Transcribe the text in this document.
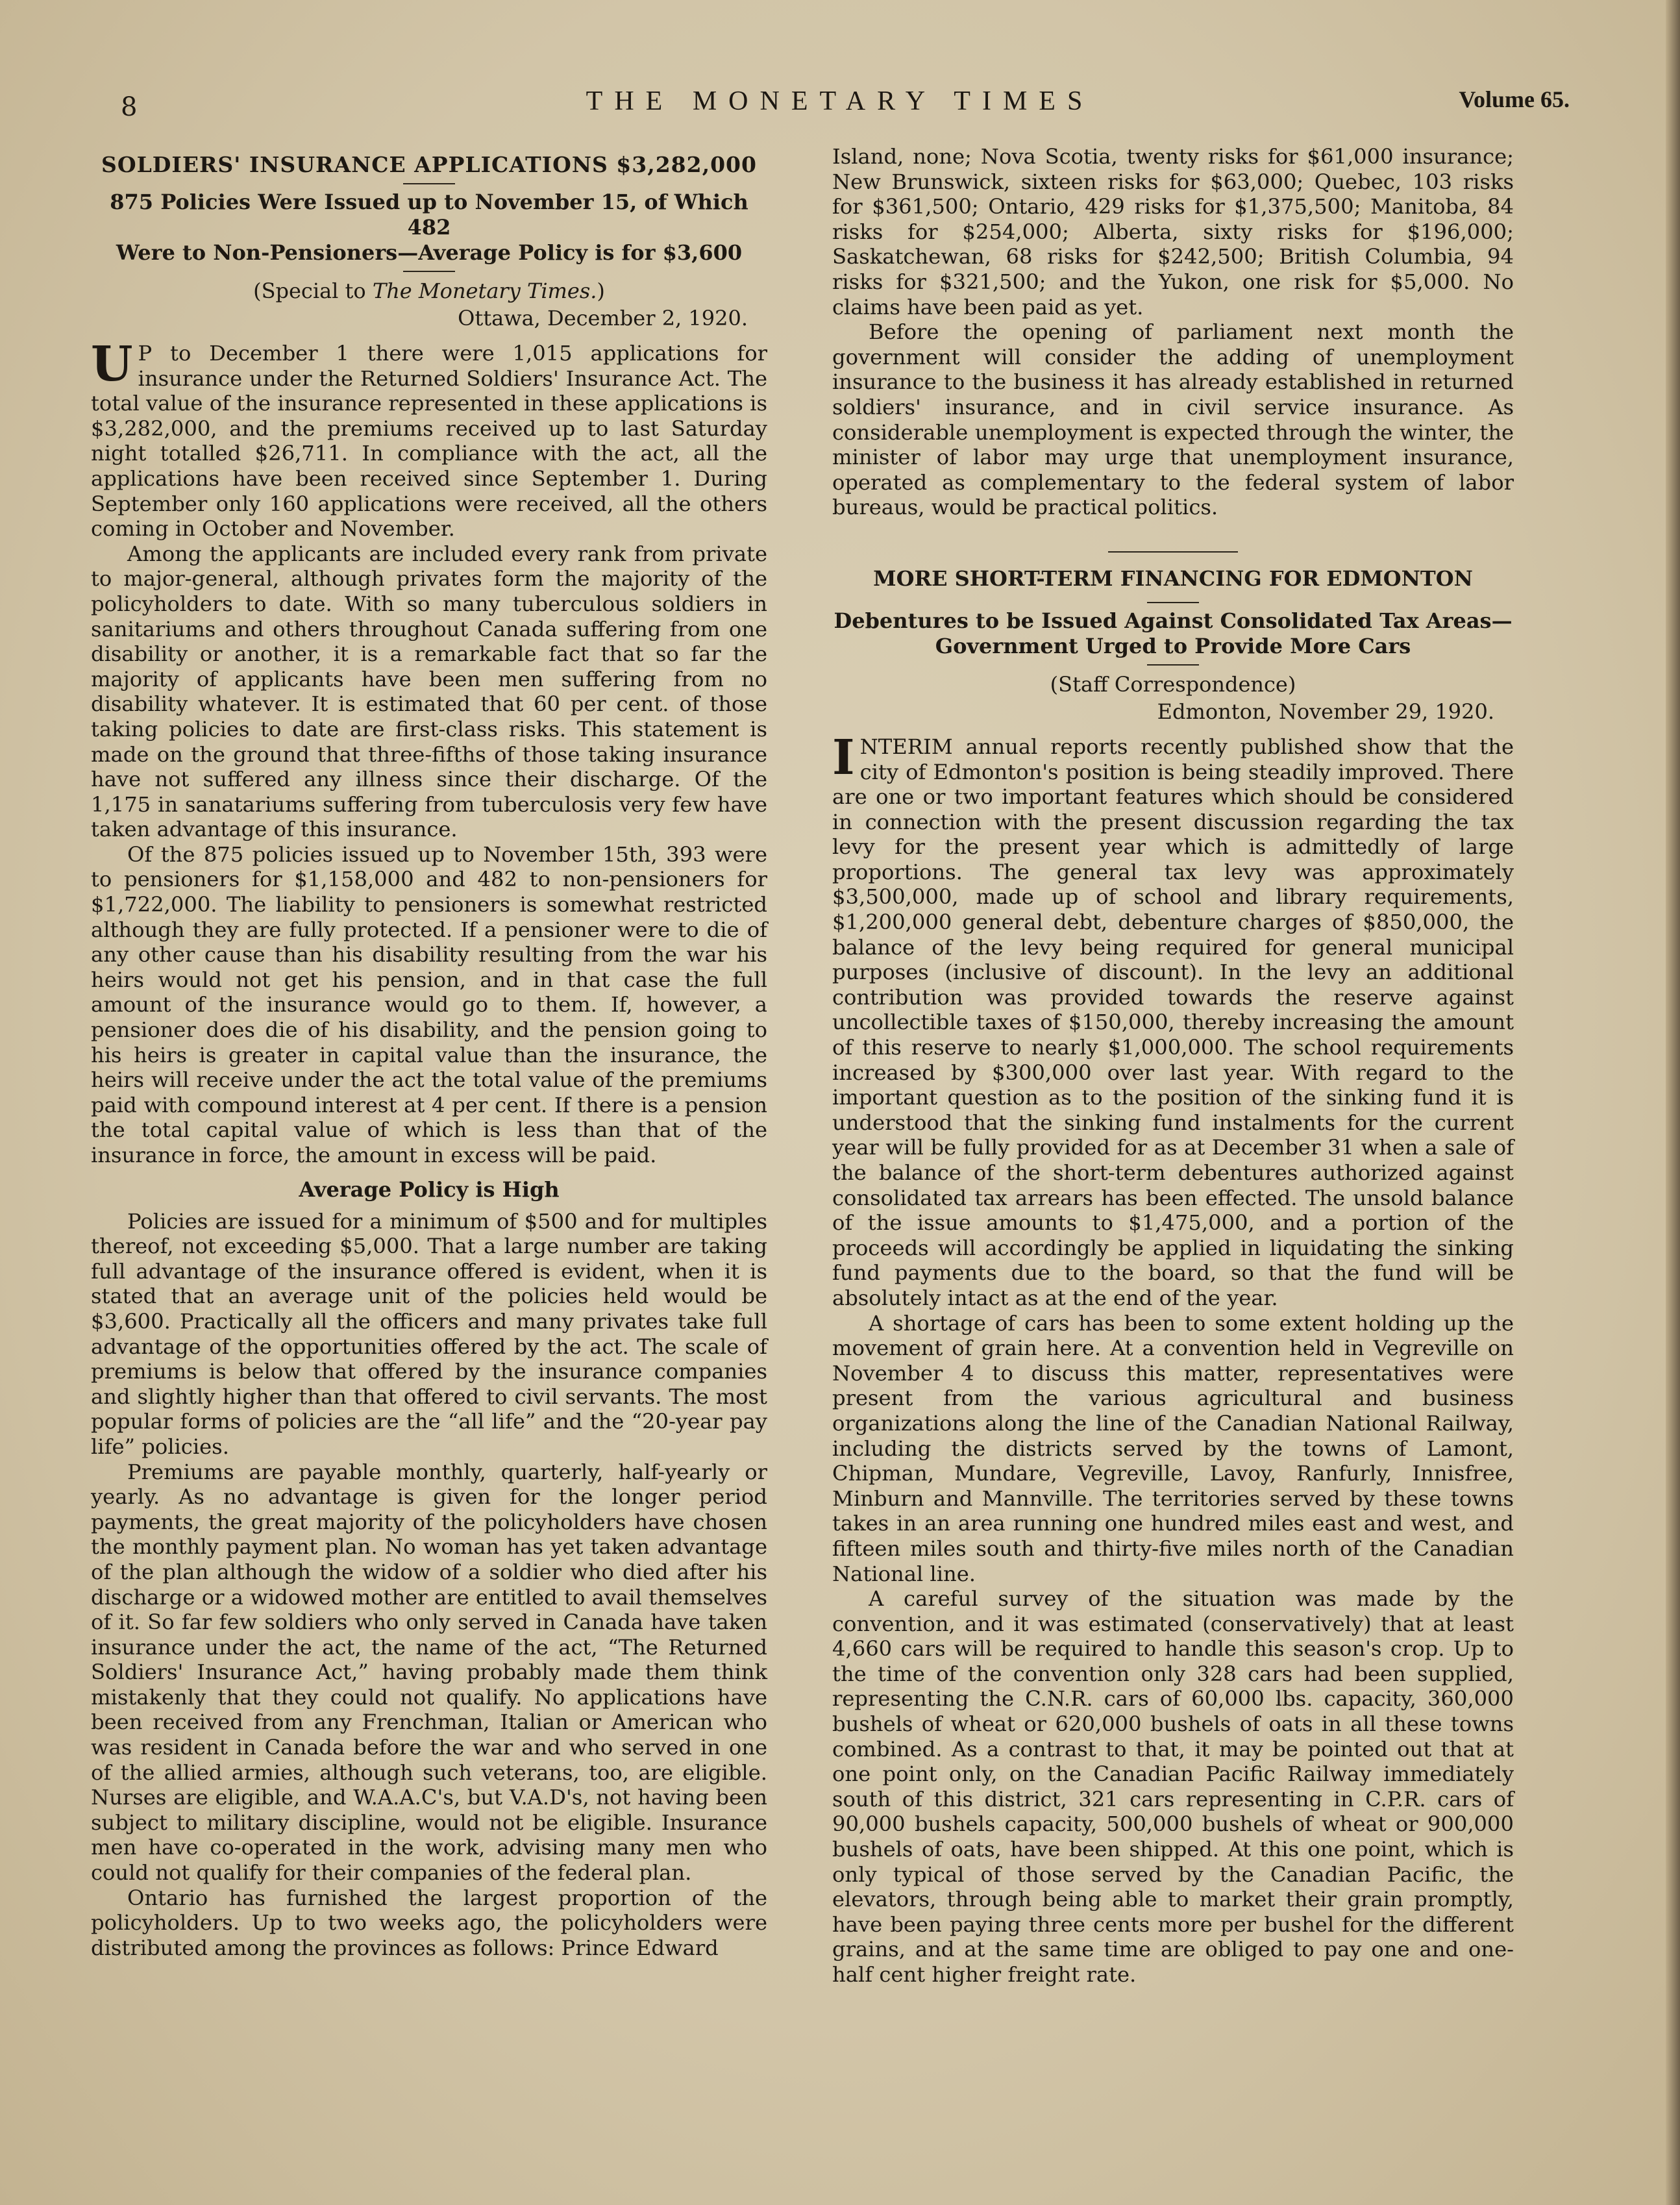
8	THE MONETARY TIMES	Volume 65.
SOLDIERS' INSURANCE APPLICATIONS $3,282,000
875 Policies Were Issued up to November 15, of Which 482
Were to Non-Pensioners—Average Policy is for $3,600
(Special to The Monetary Times.)
Ottawa, December 2, 1920.

U P to December 1 there were 1,015 applications for insurance under the Returned Soldiers' Insurance Act. The total value of the insurance represented in these applications is $3,282,000, and the premiums received up to last Saturday night totalled $26,711. In compliance with the act, all the applications have been received since September 1. During September only 160 applications were received, all the others coming in October and November.

Among the applicants are included every rank from private to major-general, although privates form the majority of the policyholders to date. With so many tuberculous soldiers in sanitariums and others throughout Canada suffering from one disability or another, it is a remarkable fact that so far the majority of applicants have been men suffering from no disability whatever. It is estimated that 60 per cent. of those taking policies to date are first-class risks. This statement is made on the ground that three-fifths of those taking insurance have not suffered any illness since their discharge. Of the 1,175 in sanatariums suffering from tuberculosis very few have taken advantage of this insurance.

Of the 875 policies issued up to November 15th, 393 were to pensioners for $1,158,000 and 482 to non-pensioners for $1,722,000. The liability to pensioners is somewhat restricted although they are fully protected. If a pensioner were to die of any other cause than his disability resulting from the war his heirs would not get his pension, and in that case the full amount of the insurance would go to them. If, however, a pensioner does die of his disability, and the pension going to his heirs is greater in capital value than the insurance, the heirs will receive under the act the total value of the premiums paid with compound interest at 4 per cent. If there is a pension the total capital value of which is less than that of the insurance in force, the amount in excess will be paid.

Average Policy is High

Policies are issued for a minimum of $500 and for multiples thereof, not exceeding $5,000. That a large number are taking full advantage of the insurance offered is evident, when it is stated that an average unit of the policies held would be $3,600. Practically all the officers and many privates take full advantage of the opportunities offered by the act. The scale of premiums is below that offered by the insurance companies and slightly higher than that offered to civil servants. The most popular forms of policies are the “all life” and the “20-year pay life” policies.

Premiums are payable monthly, quarterly, half-yearly or yearly. As no advantage is given for the longer period payments, the great majority of the policyholders have chosen the monthly payment plan. No woman has yet taken advantage of the plan although the widow of a soldier who died after his discharge or a widowed mother are entitled to avail themselves of it. So far few soldiers who only served in Canada have taken insurance under the act, the name of the act, “The Returned Soldiers' Insurance Act,” having probably made them think mistakenly that they could not qualify. No applications have been received from any Frenchman, Italian or American who was resident in Canada before the war and who served in one of the allied armies, although such veterans, too, are eligible. Nurses are eligible, and W.A.A.C's, but V.A.D's, not having been subject to military discipline, would not be eligible. Insurance men have co-operated in the work, advising many men who could not qualify for their companies of the federal plan.

Ontario has furnished the largest proportion of the policyholders. Up to two weeks ago, the policyholders were distributed among the provinces as follows: Prince Edward

Island, none; Nova Scotia, twenty risks for $61,000 insurance; New Brunswick, sixteen risks for $63,000; Quebec, 103 risks for $361,500; Ontario, 429 risks for $1,375,500; Manitoba, 84 risks for $254,000; Alberta, sixty risks for $196,000; Saskatchewan, 68 risks for $242,500; British Columbia, 94 risks for $321,500; and the Yukon, one risk for $5,000. No claims have been paid as yet.

Before the opening of parliament next month the government will consider the adding of unemployment insurance to the business it has already established in returned soldiers' insurance, and in civil service insurance. As considerable unemployment is expected through the winter, the minister of labor may urge that unemployment insurance, operated as complementary to the federal system of labor bureaus, would be practical politics.

MORE SHORT-TERM FINANCING FOR EDMONTON
Debentures to be Issued Against Consolidated Tax Areas—
Government Urged to Provide More Cars
(Staff Correspondence)
Edmonton, November 29, 1920.

INTERIM annual reports recently published show that the city of Edmonton's position is being steadily improved. There are one or two important features which should be considered in connection with the present discussion regarding the tax levy for the present year which is admittedly of large proportions. The general tax levy was approximately $3,500,000, made up of school and library requirements, $1,200,000 general debt, debenture charges of $850,000, the balance of the levy being required for general municipal purposes (inclusive of discount). In the levy an additional contribution was provided towards the reserve against uncollectible taxes of $150,000, thereby increasing the amount of this reserve to nearly $1,000,000. The school requirements increased by $300,000 over last year. With regard to the important question as to the position of the sinking fund it is understood that the sinking fund instalments for the current year will be fully provided for as at December 31 when a sale of the balance of the short-term debentures authorized against consolidated tax arrears has been effected. The unsold balance of the issue amounts to $1,475,000, and a portion of the proceeds will accordingly be applied in liquidating the sinking fund payments due to the board, so that the fund will be absolutely intact as at the end of the year.

A shortage of cars has been to some extent holding up the movement of grain here. At a convention held in Vegreville on November 4 to discuss this matter, representatives were present from the various agricultural and business organizations along the line of the Canadian National Railway, including the districts served by the towns of Lamont, Chipman, Mundare, Vegreville, Lavoy, Ranfurly, Innisfree, Minburn and Mannville. The territories served by these towns takes in an area running one hundred miles east and west, and fifteen miles south and thirty-five miles north of the Canadian National line.

A careful survey of the situation was made by the convention, and it was estimated (conservatively) that at least 4,660 cars will be required to handle this season's crop. Up to the time of the convention only 328 cars had been supplied, representing the C.N.R. cars of 60,000 lbs. capacity, 360,000 bushels of wheat or 620,000 bushels of oats in all these towns combined. As a contrast to that, it may be pointed out that at one point only, on the Canadian Pacific Railway immediately south of this district, 321 cars representing in C.P.R. cars of 90,000 bushels capacity, 500,000 bushels of wheat or 900,000 bushels of oats, have been shipped. At this one point, which is only typical of those served by the Canadian Pacific, the elevators, through being able to market their grain promptly, have been paying three cents more per bushel for the different grains, and at the same time are obliged to pay one and one-half cent higher freight rate.
